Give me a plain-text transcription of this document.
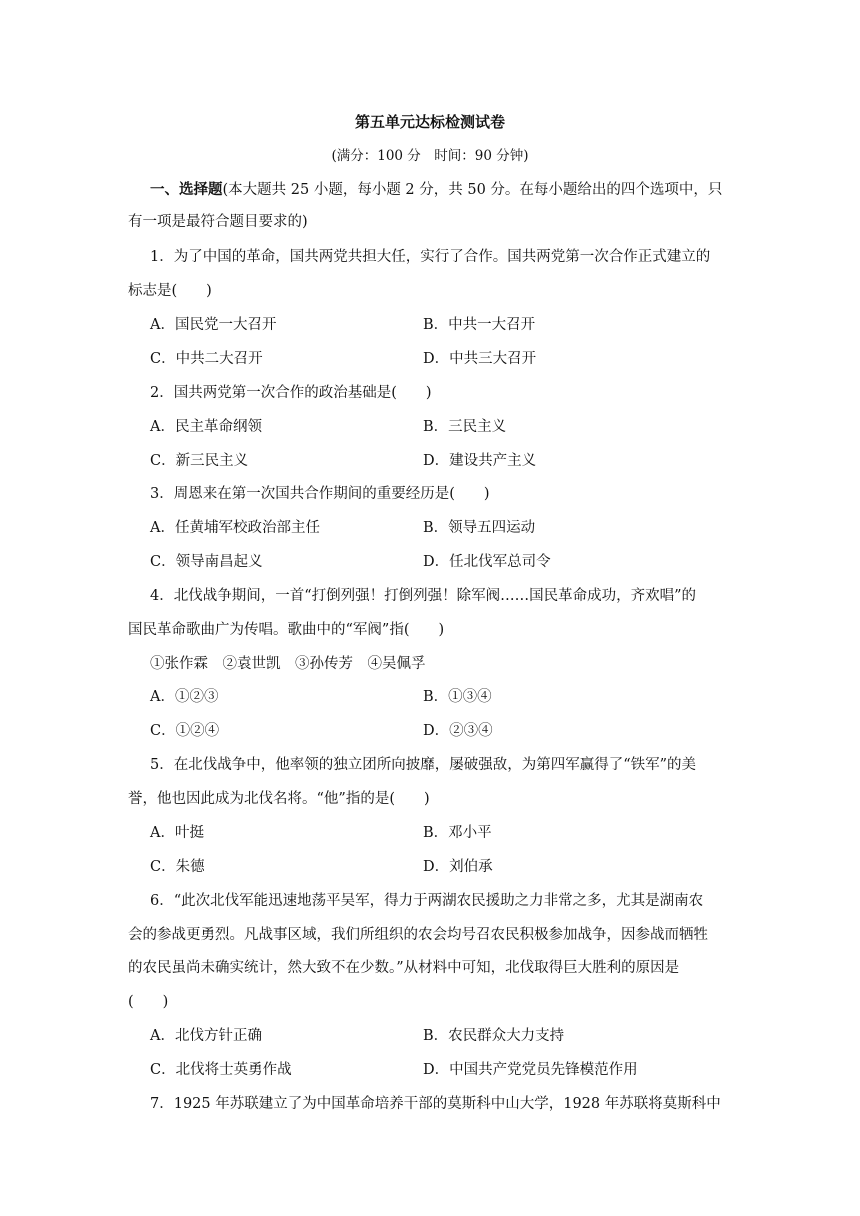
第五单元达标检测试卷
(满分：100 分　时间：90 分钟)
一、选择题(本大题共 25 小题，每小题 2 分，共 50 分。在每小题给出的四个选项中，只
有一项是最符合题目要求的)
1．为了中国的革命，国共两党共担大任，实行了合作。国共两党第一次合作正式建立的
标志是(　　)
A．国民党一大召开	B．中共一大召开
C．中共二大召开	D．中共三大召开
2．国共两党第一次合作的政治基础是(　　)
A．民主革命纲领	B．三民主义
C．新三民主义	D．建设共产主义
3．周恩来在第一次国共合作期间的重要经历是(　　)
A．任黄埔军校政治部主任	B．领导五四运动
C．领导南昌起义	D．任北伐军总司令
4．北伐战争期间，一首“打倒列强！打倒列强！除军阀……国民革命成功，齐欢唱”的
国民革命歌曲广为传唱。歌曲中的“军阀”指(　　)
①张作霖　②袁世凯　③孙传芳　④吴佩孚
A．①②③	B．①③④
C．①②④	D．②③④
5．在北伐战争中，他率领的独立团所向披靡，屡破强敌，为第四军赢得了“铁军”的美
誉，他也因此成为北伐名将。“他”指的是(　　)
A．叶挺	B．邓小平
C．朱德	D．刘伯承
6．“此次北伐军能迅速地荡平吴军，得力于两湖农民援助之力非常之多，尤其是湖南农
会的参战更勇烈。凡战事区域，我们所组织的农会均号召农民积极参加战争，因参战而牺牲
的农民虽尚未确实统计，然大致不在少数。”从材料中可知，北伐取得巨大胜利的原因是
(　　)
A．北伐方针正确	B．农民群众大力支持
C．北伐将士英勇作战	D．中国共产党党员先锋模范作用
7．1925 年苏联建立了为中国革命培养干部的莫斯科中山大学，1928 年苏联将莫斯科中
